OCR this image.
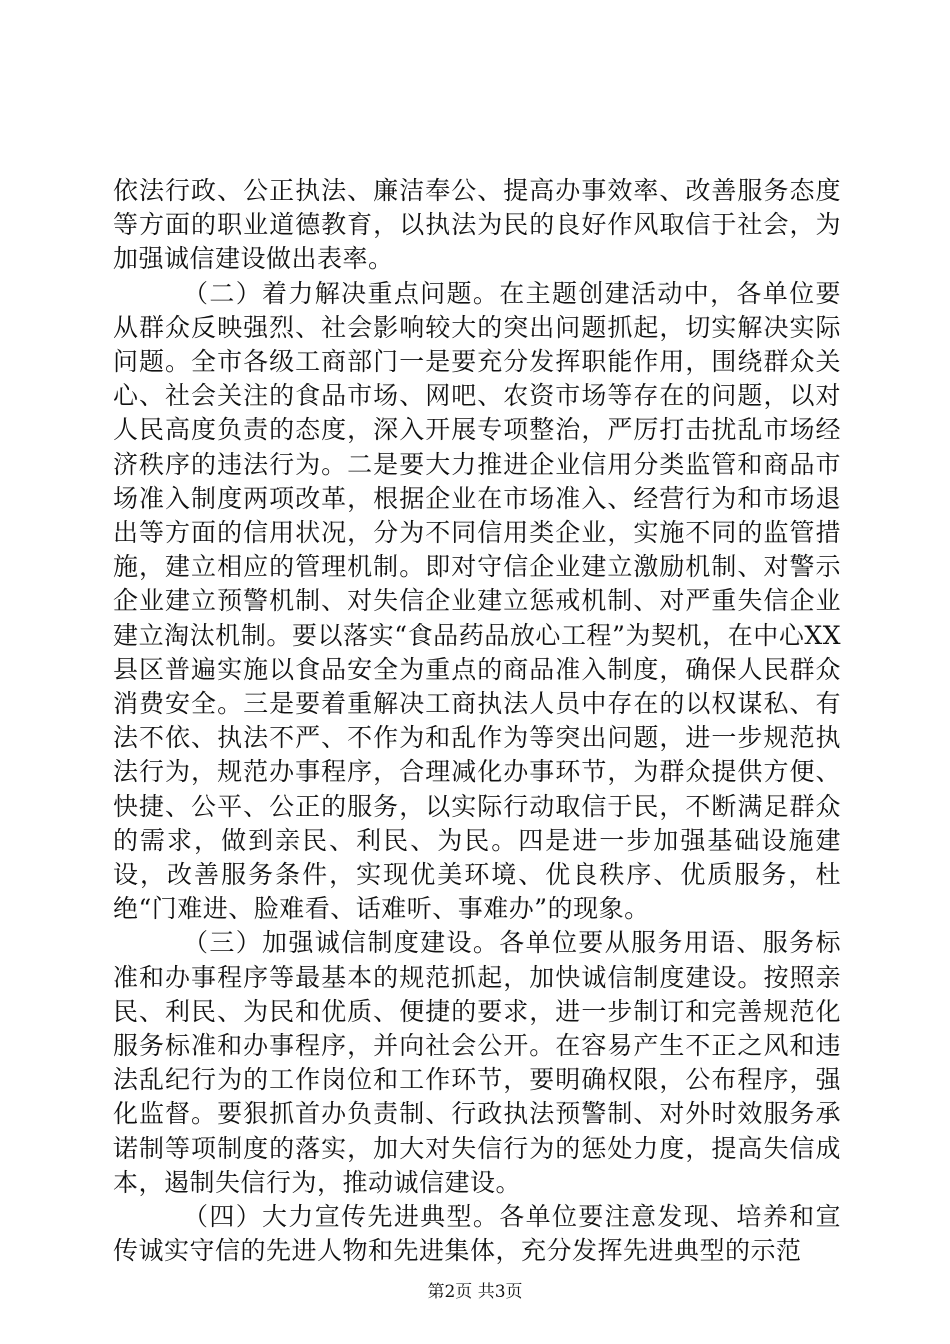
依法行政、公正执法、廉洁奉公、提高办事效率、改善服务态度等方面的职业道德教育，以执法为民的良好作风取信于社会，为加强诚信建设做出表率。

（二）着力解决重点问题。在主题创建活动中，各单位要从群众反映强烈、社会影响较大的突出问题抓起，切实解决实际问题。全市各级工商部门一是要充分发挥职能作用，围绕群众关心、社会关注的食品市场、网吧、农资市场等存在的问题，以对人民高度负责的态度，深入开展专项整治，严厉打击扰乱市场经济秩序的违法行为。二是要大力推进企业信用分类监管和商品市场准入制度两项改革，根据企业在市场准入、经营行为和市场退出等方面的信用状况，分为不同信用类企业，实施不同的监管措施，建立相应的管理机制。即对守信企业建立激励机制、对警示企业建立预警机制、对失信企业建立惩戒机制、对严重失信企业建立淘汰机制。要以落实“食品药品放心工程”为契机，在中心XX县区普遍实施以食品安全为重点的商品准入制度，确保人民群众消费安全。三是要着重解决工商执法人员中存在的以权谋私、有法不依、执法不严、不作为和乱作为等突出问题，进一步规范执法行为，规范办事程序，合理减化办事环节，为群众提供方便、快捷、公平、公正的服务，以实际行动取信于民，不断满足群众的需求，做到亲民、利民、为民。四是进一步加强基础设施建设，改善服务条件，实现优美环境、优良秩序、优质服务，杜绝“门难进、脸难看、话难听、事难办”的现象。

（三）加强诚信制度建设。各单位要从服务用语、服务标准和办事程序等最基本的规范抓起，加快诚信制度建设。按照亲民、利民、为民和优质、便捷的要求，进一步制订和完善规范化服务标准和办事程序，并向社会公开。在容易产生不正之风和违法乱纪行为的工作岗位和工作环节，要明确权限，公布程序，强化监督。要狠抓首办负责制、行政执法预警制、对外时效服务承诺制等项制度的落实，加大对失信行为的惩处力度，提高失信成本，遏制失信行为，推动诚信建设。

（四）大力宣传先进典型。各单位要注意发现、培养和宣传诚实守信的先进人物和先进集体，充分发挥先进典型的示范

第2页 共3页
